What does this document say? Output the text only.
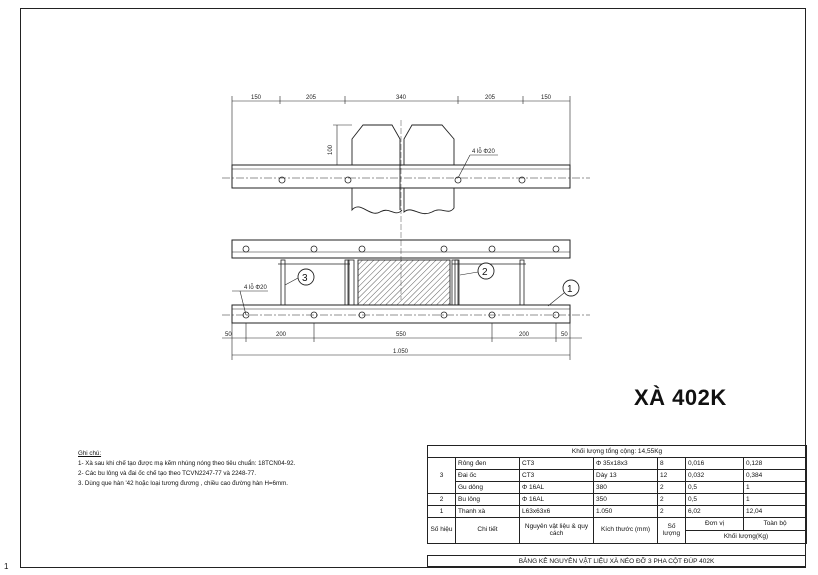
150	205	340	205	150
100	4 lỗ Φ20
3
2
1
4 lỗ Φ20
50	200	550	200	50
1.050
XÀ 402K
Ghi chú:
1- Xà sau khi chế tạo được mạ kẽm nhúng nóng theo tiêu chuẩn: 18TCN04-92.
2- Các bu lông và đai ốc chế tạo theo TCVN2247-77 và 2248-77.
3. Dùng que hàn '42 hoặc loại tương đương , chiều cao đường hàn H=6mm.
Khối lượng tổng cộng: 14,55Kg						
3	Rông đen	CT3	Φ 35x18x3	8	0,016	0,128
	Đai ốc	CT3	Dày 13	12	0,032	0,384
	Gu dông	Φ 16AL	380	2	0,5	1
2	Bu lông	Φ 16AL	350	2	0,5	1
1	Thanh xà	L63x63x6	1.050	2	6,02	12,04
Số hiệu	Chi tiết	Nguyên vật liệu & quy cách	Kích thước (mm)	Số lượng	Đơn vị	Toàn bộ
					Khối lượng(Kg)	
BẢNG KÊ NGUYÊN VẬT LIỆU XÀ NÉO ĐỠ 3 PHA CỘT ĐÚP 402K
1
